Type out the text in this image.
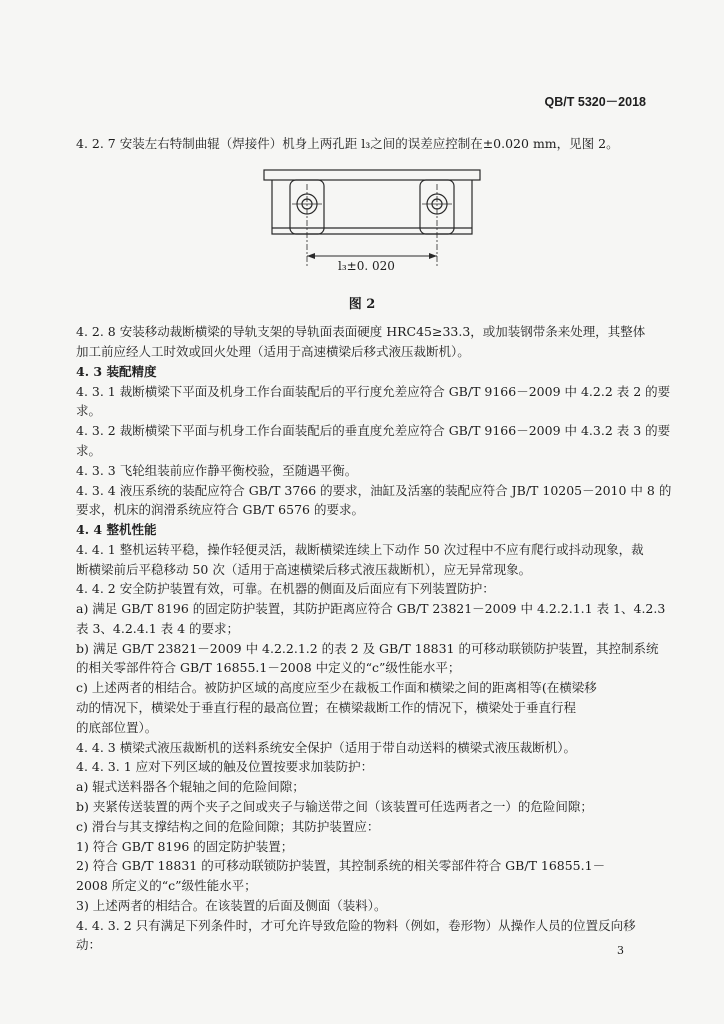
QB/T 5320－2018
4. 2. 7 安装左右特制曲辊（焊接件）机身上两孔距 l₃之间的误差应控制在±0.020 mm，见图 2。
l₃±0. 020
图 2
4. 2. 8 安装移动裁断横梁的导轨支架的导轨面表面硬度 HRC45≥33.3，或加装钢带条来处理，其整体
加工前应经人工时效或回火处理（适用于高速横梁后移式液压裁断机）。
4. 3 装配精度
4. 3. 1 裁断横梁下平面及机身工作台面装配后的平行度允差应符合 GB/T 9166－2009 中 4.2.2 表 2 的要
求。
4. 3. 2 裁断横梁下平面与机身工作台面装配后的垂直度允差应符合 GB/T 9166－2009 中 4.3.2 表 3 的要
求。
4. 3. 3 飞轮组装前应作静平衡校验，至随遇平衡。
4. 3. 4 液压系统的装配应符合 GB/T 3766 的要求，油缸及活塞的装配应符合 JB/T 10205－2010 中 8 的
要求，机床的润滑系统应符合 GB/T 6576 的要求。
4. 4 整机性能
4. 4. 1 整机运转平稳，操作轻便灵活，裁断横梁连续上下动作 50 次过程中不应有爬行或抖动现象，裁
断横梁前后平稳移动 50 次（适用于高速横梁后移式液压裁断机），应无异常现象。
4. 4. 2 安全防护装置有效，可靠。在机器的侧面及后面应有下列装置防护：
a) 满足 GB/T 8196 的固定防护装置，其防护距离应符合 GB/T 23821－2009 中 4.2.2.1.1 表 1、4.2.3
表 3、4.2.4.1 表 4 的要求；
b) 满足 GB/T 23821－2009 中 4.2.2.1.2 的表 2 及 GB/T 18831 的可移动联锁防护装置，其控制系统
的相关零部件符合 GB/T 16855.1－2008 中定义的“c”级性能水平；
c) 上述两者的相结合。被防护区域的高度应至少在裁板工作面和横梁之间的距离相等(在横梁移
动的情况下，横梁处于垂直行程的最高位置；在横梁裁断工作的情况下，横梁处于垂直行程
的底部位置）。
4. 4. 3 横梁式液压裁断机的送料系统安全保护（适用于带自动送料的横梁式液压裁断机）。
4. 4. 3. 1 应对下列区域的触及位置按要求加装防护：
a) 辊式送料器各个辊轴之间的危险间隙；
b) 夹紧传送装置的两个夹子之间或夹子与输送带之间（该装置可任选两者之一）的危险间隙；
c) 滑台与其支撑结构之间的危险间隙；其防护装置应：
1) 符合 GB/T 8196 的固定防护装置；
2) 符合 GB/T 18831 的可移动联锁防护装置，其控制系统的相关零部件符合 GB/T 16855.1－
2008 所定义的“c”级性能水平；
3) 上述两者的相结合。在该装置的后面及侧面（装料）。
4. 4. 3. 2 只有满足下列条件时，才可允许导致危险的物料（例如，卷形物）从操作人员的位置反向移
动：	3
